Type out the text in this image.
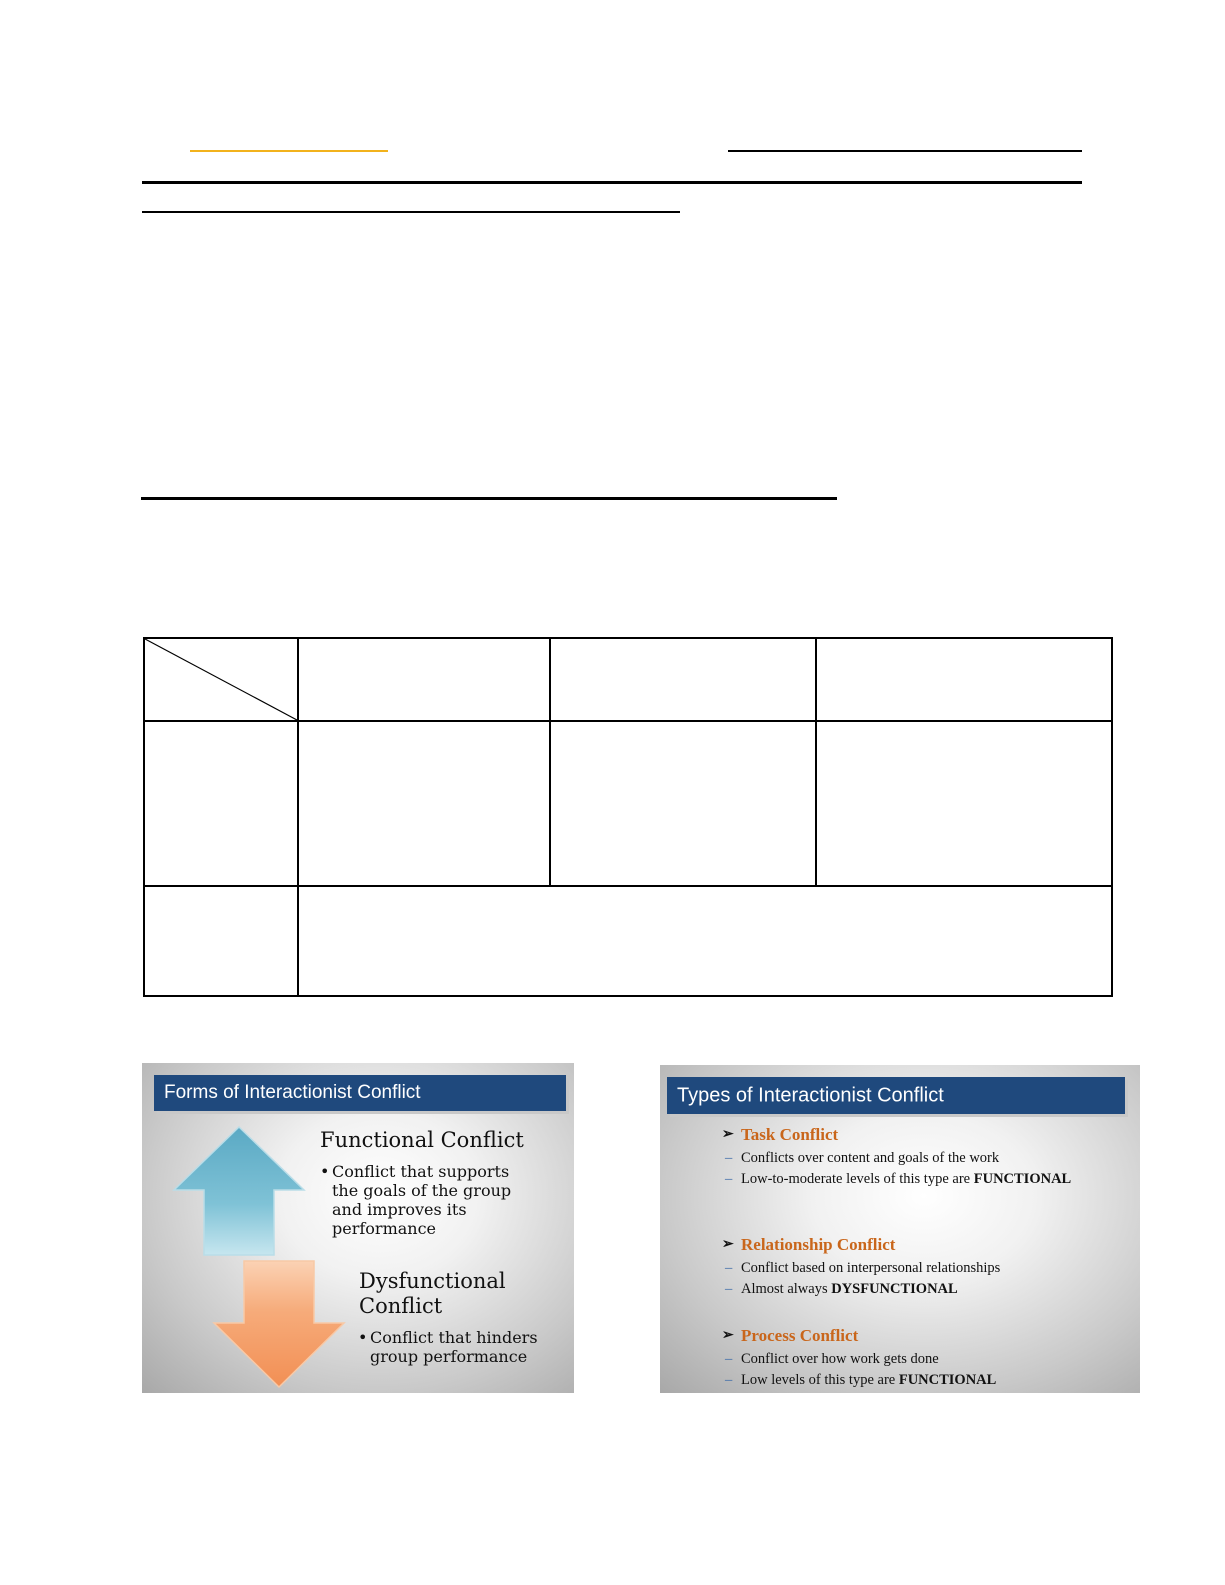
Forms of Interactionist Conflict
Functional Conflict
• Conflict that supports
the goals of the group
and improves its
performance
Dysfunctional
Conflict
• Conflict that hinders
group performance
Types of Interactionist Conflict
➢ Task Conflict
– Conflicts over content and goals of the work
– Low-to-moderate levels of this type are FUNCTIONAL
➢ Relationship Conflict
– Conflict based on interpersonal relationships
– Almost always DYSFUNCTIONAL
➢ Process Conflict
– Conflict over how work gets done
– Low levels of this type are FUNCTIONAL
